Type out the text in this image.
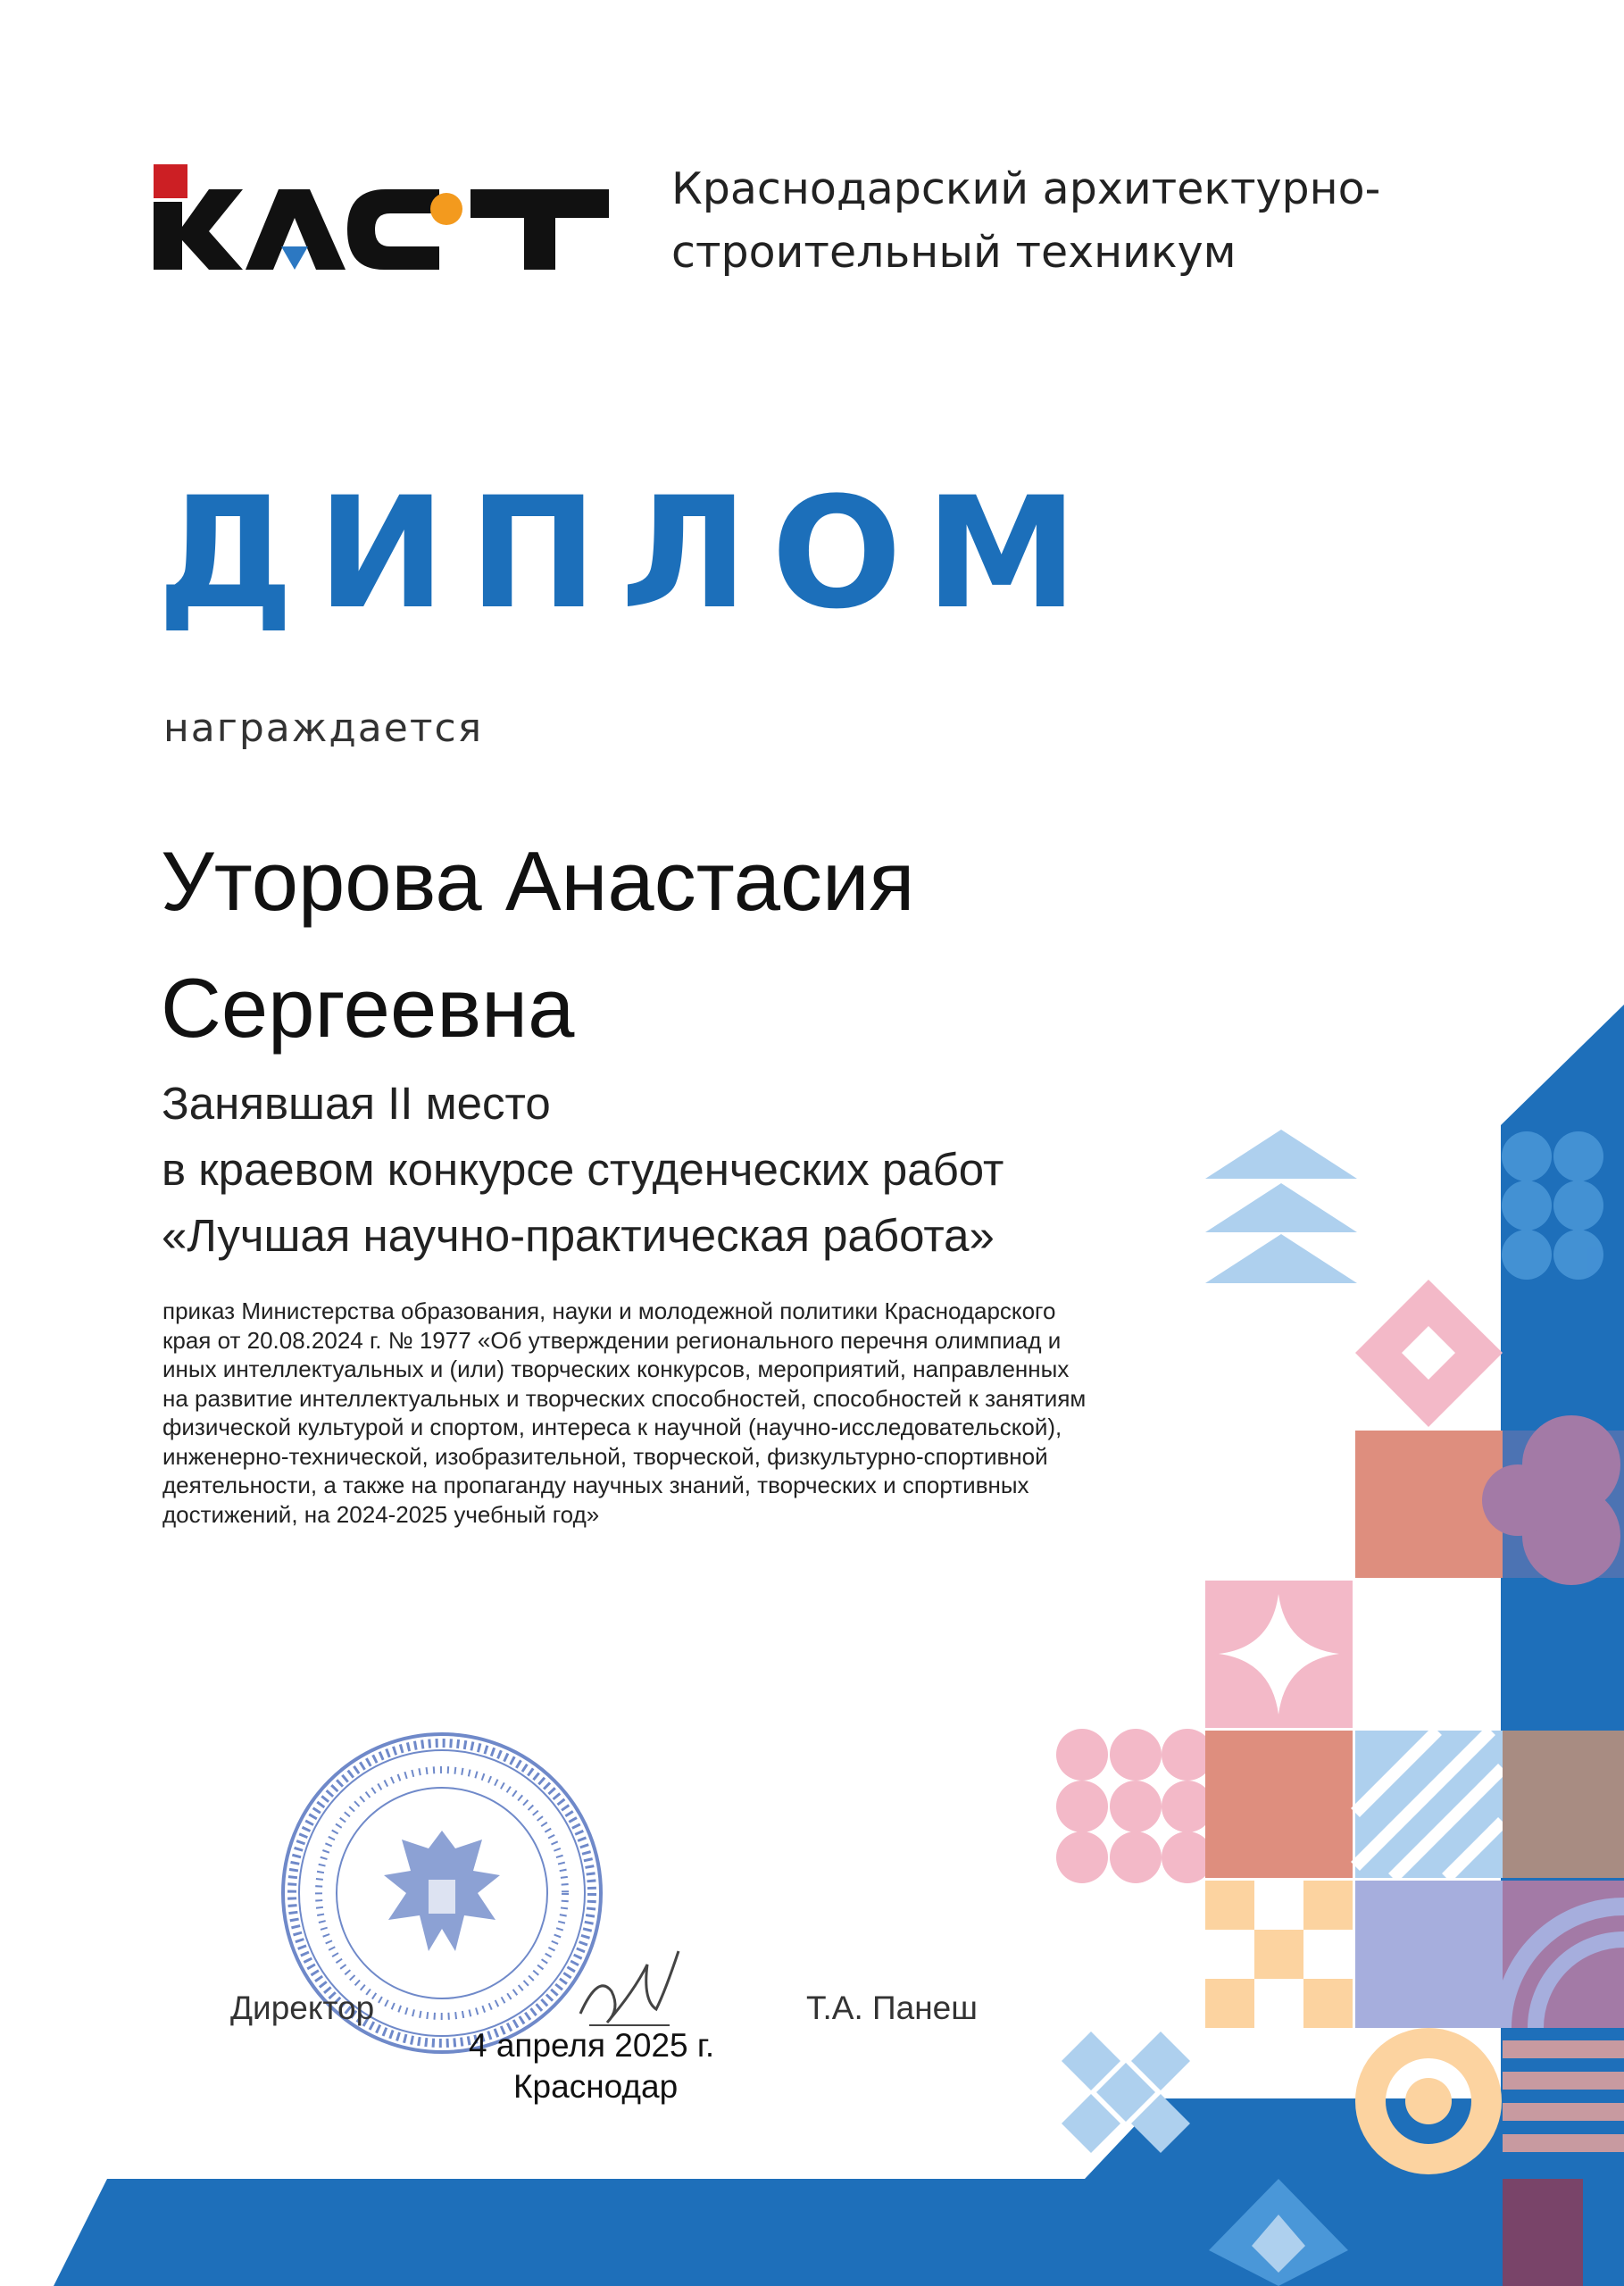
Краснодарский архитектурно-
строительный техникум
ДИПЛОМ
награждается
Уторова Анастасия
Сергеевна
Занявшая II место
в краевом конкурсе студенческих работ
«Лучшая научно-практическая работа»
приказ Министерства образования, науки и молодежной политики Краснодарского
края от 20.08.2024 г. № 1977 «Об утверждении регионального перечня олимпиад и
иных интеллектуальных и (или) творческих конкурсов, мероприятий, направленных
на развитие интеллектуальных и творческих способностей, способностей к занятиям
физической культурой и спортом, интереса к научной (научно-исследовательской),
инженерно-технической, изобразительной, творческой, физкультурно-спортивной
деятельности, а также на пропаганду научных знаний, творческих и спортивных
достижений, на 2024-2025 учебный год»
Директор	Т.А. Панеш
4 апреля 2025 г.
Краснодар
